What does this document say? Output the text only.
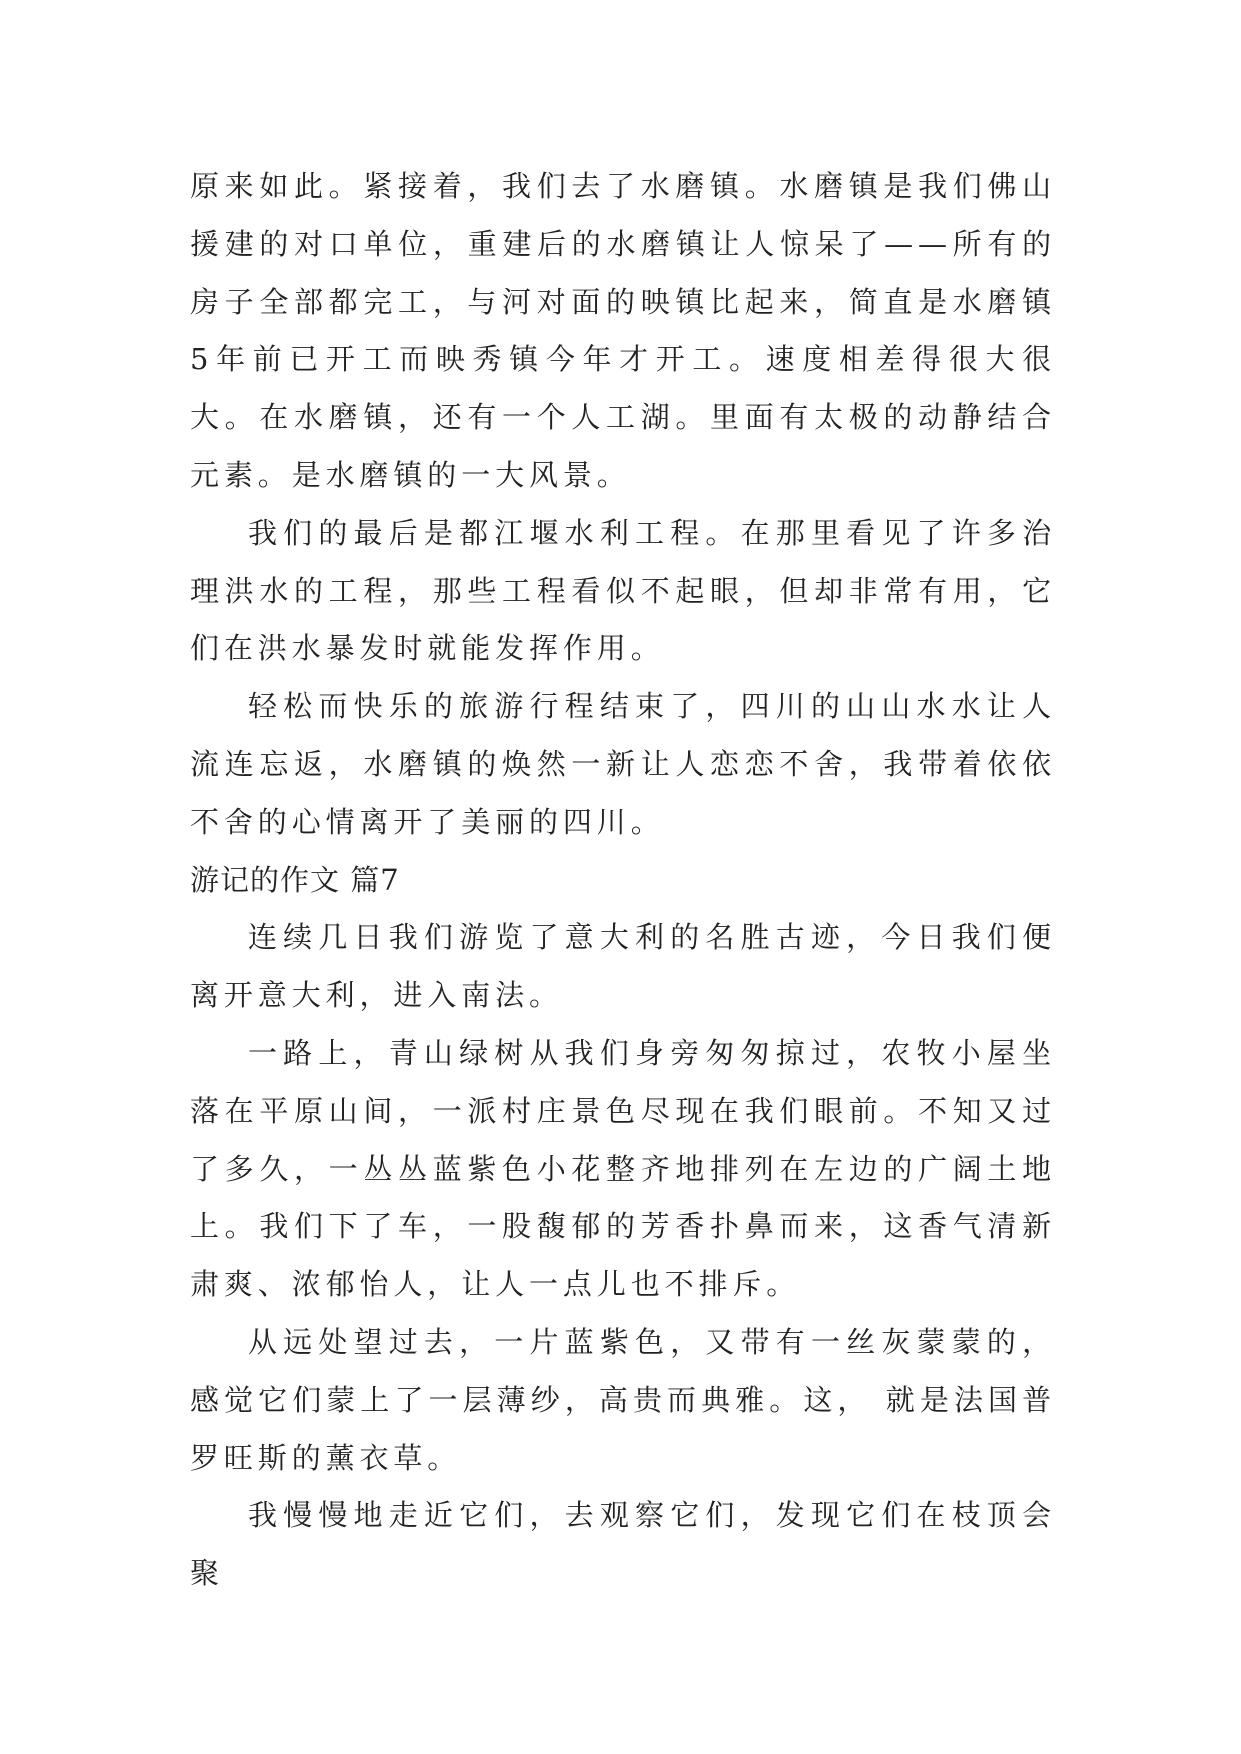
原来如此。紧接着，我们去了水磨镇。水磨镇是我们佛山援建的对口单位，重建后的水磨镇让人惊呆了——所有的房子全部都完工，与河对面的映镇比起来，简直是水磨镇5年前已开工而映秀镇今年才开工。速度相差得很大很大。在水磨镇，还有一个人工湖。里面有太极的动静结合元素。是水磨镇的一大风景。

我们的最后是都江堰水利工程。在那里看见了许多治理洪水的工程，那些工程看似不起眼，但却非常有用，它们在洪水暴发时就能发挥作用。

轻松而快乐的旅游行程结束了，四川的山山水水让人流连忘返，水磨镇的焕然一新让人恋恋不舍，我带着依依不舍的心情离开了美丽的四川。

游记的作文 篇7

连续几日我们游览了意大利的名胜古迹，今日我们便离开意大利，进入南法。

一路上，青山绿树从我们身旁匆匆掠过，农牧小屋坐落在平原山间，一派村庄景色尽现在我们眼前。不知又过了多久，一丛丛蓝紫色小花整齐地排列在左边的广阔土地上。我们下了车，一股馥郁的芳香扑鼻而来，这香气清新肃爽、浓郁怡人，让人一点儿也不排斥。

从远处望过去，一片蓝紫色，又带有一丝灰蒙蒙的，感觉它们蒙上了一层薄纱，高贵而典雅。这， 就是法国普罗旺斯的薰衣草。

我慢慢地走近它们，去观察它们，发现它们在枝顶会聚
